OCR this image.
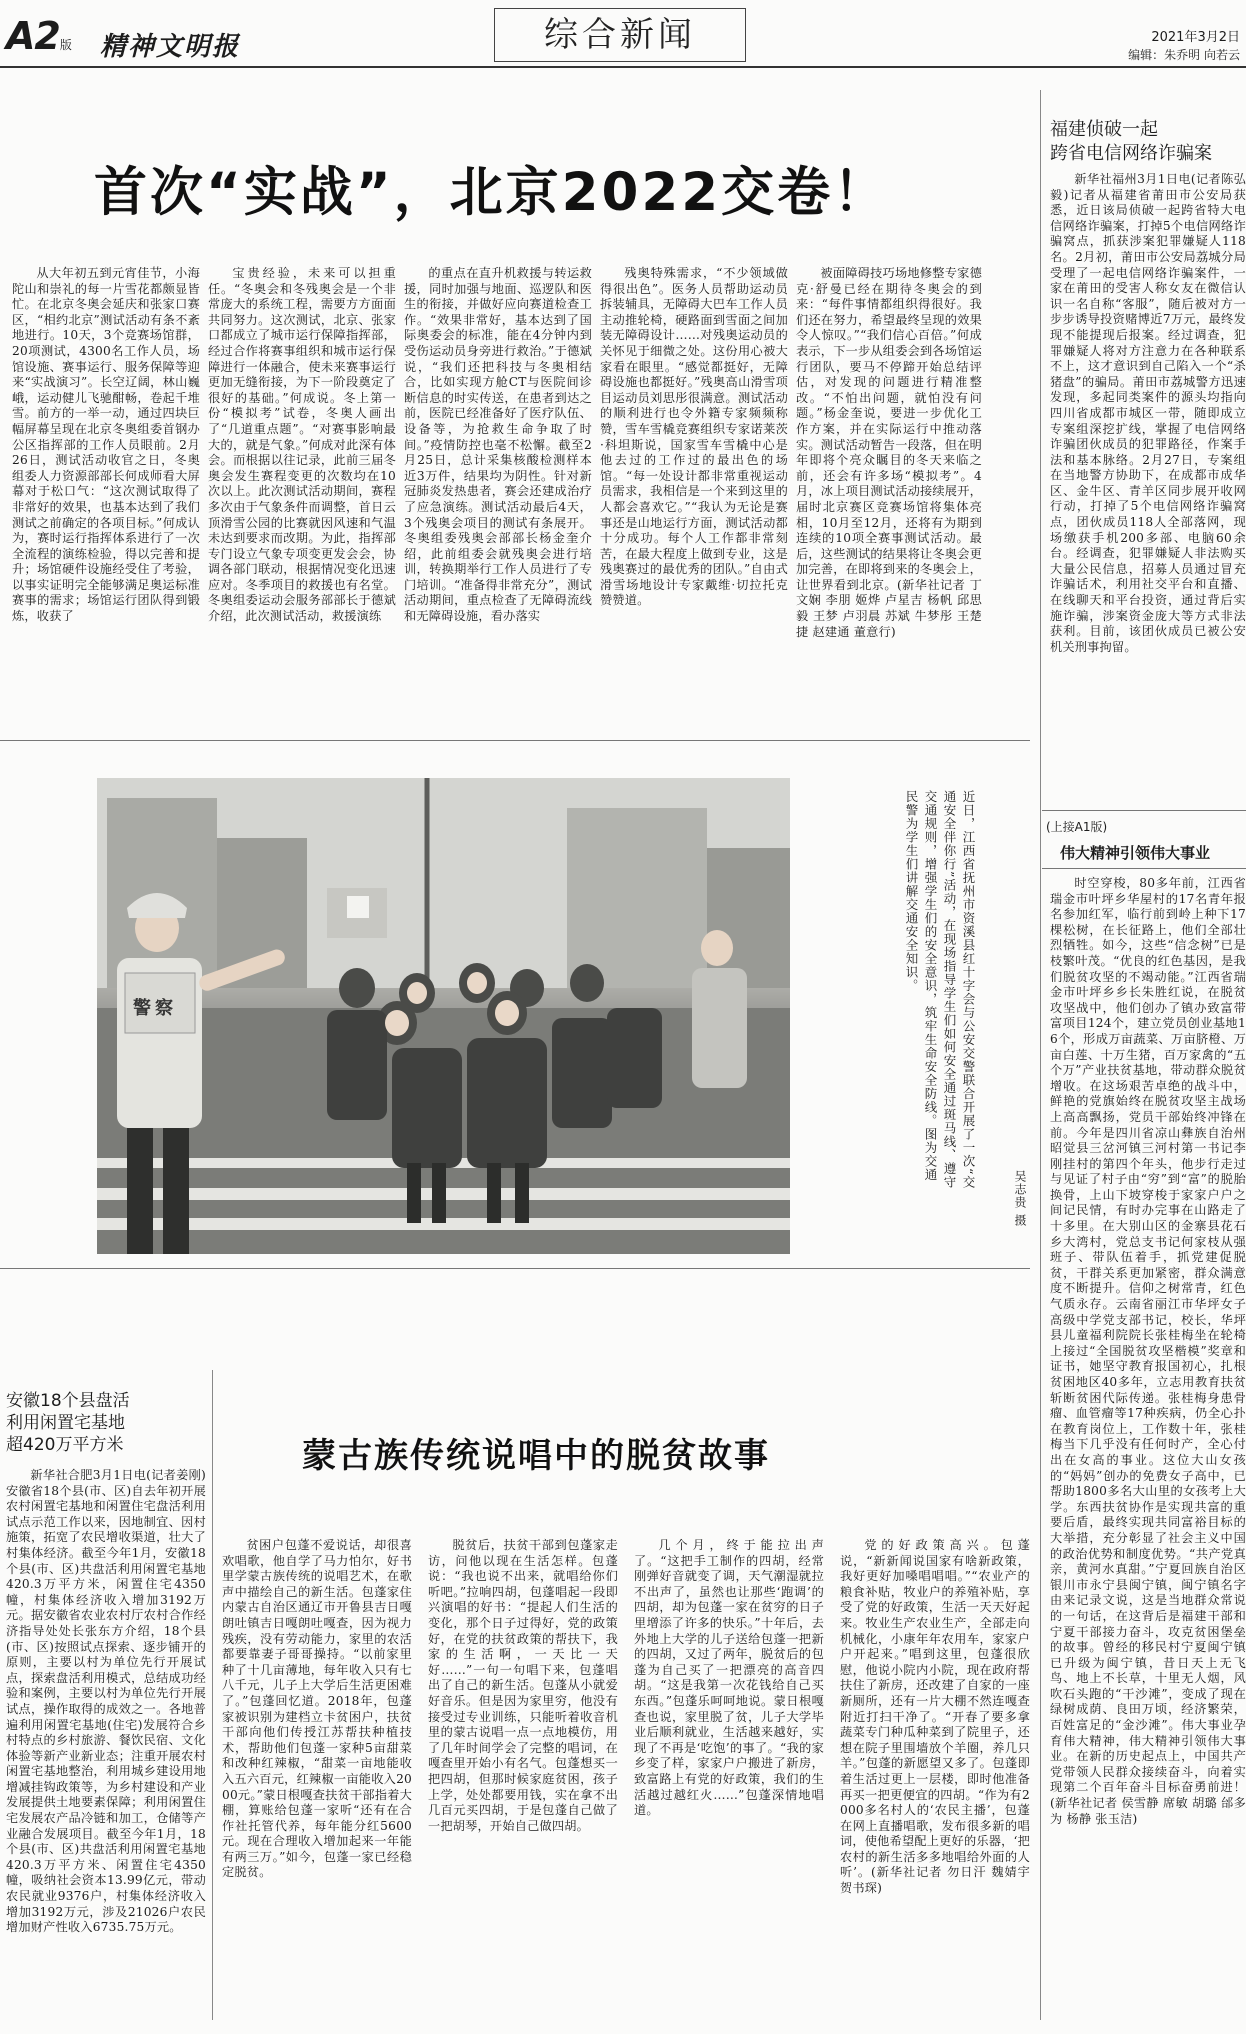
A2版 精神文明报	综合新闻	2021年3月2日
编辑：朱乔明 向若云
首次“实战”，北京2022交卷！
从大年初五到元宵佳节，小海陀山和崇礼的每一片雪花都颇显皆忙。在北京冬奥会延庆和张家口赛区，“相约北京”测试活动有条不紊地进行。10天，3个竞赛场馆群，20项测试，4300名工作人员，场馆设施、赛事运行、服务保障等迎来“实战演习”。长空辽阔，林山巍峨，运动健儿飞驰酣畅，卷起千堆雪。前方的一举一动，通过四块巨幅屏幕呈现在北京冬奥组委首钢办公区指挥部的工作人员眼前。2月26日，测试活动收官之日，冬奥组委人力资源部部长何成师看大屏幕对于松口气：“这次测试取得了非常好的效果，也基本达到了我们测试之前确定的各项目标。”何成认为，赛时运行指挥体系进行了一次全流程的演练检验，得以完善和提升；场馆硬件设施经受住了考验，以事实证明完全能够满足奥运标准赛事的需求；场馆运行团队得到锻炼，收获了
宝贵经验，未来可以担重任。“冬奥会和冬残奥会是一个非常庞大的系统工程，需要方方面面共同努力。这次测试，北京、张家口都成立了城市运行保障指挥部，经过合作将赛事组织和城市运行保障进行一体融合，使未来赛事运行更加无缝衔接，为下一阶段奠定了很好的基础。”何成说。冬上第一份“模拟考”试卷，冬奥人画出了“几道重点题”。“对赛事影响最大的，就是气象。”何成对此深有体会。而根据以往记录，此前三届冬奥会发生赛程变更的次数均在10次以上。此次测试活动期间，赛程多次由于气象条件而调整，首日云顶滑雪公园的比赛就因风速和气温未达到要求而改期。为此，指挥部专门设立气象专项变更发会会，协调各部门联动，根据情况变化迅速应对。冬季项目的救援也有名堂。冬奥组委运动会服务部部长于德斌介绍，此次测试活动，救援演练
的重点在直升机救援与转运救援，同时加强与地面、巡逻队和医生的衔接，并做好应向赛道检查工作。“效果非常好，基本达到了国际奥委会的标准，能在4分钟内到受伤运动员身旁进行救治。”于德斌说，“我们还把科技与冬奥相结合，比如实现方舱CT与医院间诊断信息的时实传送，在患者到达之前，医院已经准备好了医疗队伍、设备等，为抢救生命争取了时间。”疫情防控也毫不松懈。截至2月25日，总计采集核酸检测样本近3万件，结果均为阴性。针对新冠肺炎发热患者，赛会还建成治疗了应急演练。测试活动最后4天，3个残奥会项目的测试有条展开。冬奥组委残奥会部部长杨金奎介绍，此前组委会就残奥会进行培训，转换期举行工作人员进行了专门培训。“准备得非常充分”，测试活动期间，重点检查了无障碍流线和无障碍设施，看办落实
残奥特殊需求，“不少领域做得很出色”。医务人员帮助运动员拆装辅具，无障碍大巴车工作人员主动推轮椅，硬路面到雪面之间加装无障碍设计……对残奥运动员的关怀见于细微之处。这份用心被大家看在眼里。“感觉都挺好，无障碍设施也都挺好。”残奥高山滑雪项目运动员刘思彤很满意。测试活动的顺利进行也令外籍专家频频称赞，雪车雪橇竞赛组织专家诺莱茨·科坦斯说，国家雪车雪橇中心是他去过的工作过的最出色的场馆。“每一处设计都非常重视运动员需求，我相信是一个来到这里的人都会喜欢它。”“我认为无论是赛事还是山地运行方面，测试活动都十分成功。每个人工作都非常刻苦，在最大程度上做到专业，这是残奥赛过的最优秀的团队。”自由式滑雪场地设计专家戴维·切拉托克赞赞道。
被面障碍技巧场地修整专家德克·舒曼已经在期待冬奥会的到来：“每件事情都组织得很好。我们还在努力，希望最终呈现的效果令人惊叹。”“我们信心百倍。”何成表示，下一步从组委会到各场馆运行团队，要马不停蹄开始总结评估，对发现的问题进行精准整改。“不怕出问题，就怕没有问题。”杨金奎说，要进一步优化工作方案，并在实际运行中推动落实。测试活动暂告一段落，但在明年即将个亮众瞩目的冬天来临之前，还会有许多场“模拟考”。4月，冰上项目测试活动接续展开，届时北京赛区竞赛场馆将集体亮相，10月至12月，还将有为期到连续的10项全赛事测试活动。最后，这些测试的结果将让冬奥会更加完善，在即将到来的冬奥会上，让世界看到北京。(新华社记者 丁文娴 李朋 姬烨 卢星吉 杨帆 邱思毅 王梦 卢羽晨 苏斌 牛梦彤 王楚捷 赵建通 董意行)
福建侦破一起
跨省电信网络诈骗案
新华社福州3月1日电(记者陈弘毅)记者从福建省莆田市公安局获悉，近日该局侦破一起跨省特大电信网络诈骗案，打掉5个电信网络诈骗窝点，抓获涉案犯罪嫌疑人118名。2月初，莆田市公安局荔城分局受理了一起电信网络诈骗案件，一家在莆田的受害人称女友在微信认识一名自称“客服”，随后被对方一步步诱导投资赌博近7万元，最终发现不能提现后报案。经过调查，犯罪嫌疑人将对方注意力在各种联系不上，这才意识到自己陷入一个“杀猪盘”的骗局。莆田市荔城警方迅速发现，多起同类案件的源头均指向四川省成都市城区一带，随即成立专案组深挖扩线，掌握了电信网络诈骗团伙成员的犯罪路径，作案手法和基本脉络。2月27日，专案组在当地警方协助下，在成都市成华区、金牛区、青羊区同步展开收网行动，打掉了5个电信网络诈骗窝点，团伙成员118人全部落网，现场缴获手机200多部、电脑60余台。经调查，犯罪嫌疑人非法购买大量公民信息，招募人员通过冒充诈骗话术，利用社交平台和直播、在线聊天和平台投资，通过背后实施诈骗，涉案资金庞大等方式非法获利。目前，该团伙成员已被公安机关刑事拘留。
警察	近日，江西省抚州市资溪县红十字会与公安交警联合开展了一次“交通安全伴你行”活动，在现场指导学生们如何安全通过斑马线、遵守交通规则，增强学生们的安全意识，筑牢生命安全防线。图为交通民警为学生们讲解交通安全知识。
吴志贵 摄
(上接A1版)
伟大精神引领伟大事业
时空穿梭，80多年前，江西省瑞金市叶坪乡华屋村的17名青年报名参加红军，临行前到岭上种下17棵松树，在长征路上，他们全部壮烈牺牲。如今，这些“信念树”已是枝繁叶茂。“优良的红色基因，是我们脱贫攻坚的不竭动能。”江西省瑞金市叶坪乡乡长朱胜红说，在脱贫攻坚战中，他们创办了镇办致富带富项目124个，建立党员创业基地16个，形成万亩蔬菜、万亩脐橙、万亩白莲、十万生猪，百万家禽的“五个万”产业扶贫基地，带动群众脱贫增收。在这场艰苦卓绝的战斗中，鲜艳的党旗始终在脱贫攻坚主战场上高高飘扬，党员干部始终冲锋在前。今年是四川省凉山彝族自治州昭觉县三岔河镇三河村第一书记李刚挂村的第四个年头，他步行走过与见证了村子由“穷”到“富”的脱胎换骨，上山下坡穿梭于家家户户之间记民情，有时办完事在山路走了十多里。在大别山区的金寨县花石乡大湾村，党总支书记何家枝从强班子、带队伍着手，抓党建促脱贫，干群关系更加紧密，群众满意度不断提升。信仰之树常青，红色气质永存。云南省丽江市华坪女子高级中学党支部书记，校长，华坪县儿童福利院院长张桂梅坐在轮椅上接过“全国脱贫攻坚楷模”奖章和证书，她坚守教育报国初心，扎根贫困地区40多年，立志用教育扶贫斩断贫困代际传递。张桂梅身患骨瘤、血管瘤等17种疾病，仍全心扑在教育岗位上，工作数十年，张桂梅当下几乎没有任何时产，全心付出在女高的事业。这位大山女孩的“妈妈”创办的免费女子高中，已帮助1800多名大山里的女孩考上大学。东西扶贫协作是实现共富的重要后盾，最终实现共同富裕目标的大举措，充分彰显了社会主义中国的政治优势和制度优势。“共产党真亲，黄河水真甜。”宁夏回族自治区银川市永宁县闽宁镇，闽宁镇名字由来记录文说，这是当地群众常说的一句话，在这背后是福建干部和宁夏干部接力奋斗，攻克贫困堡垒的故事。曾经的移民村宁夏闽宁镇已升级为闽宁镇，昔日天上无飞鸟、地上不长草，十里无人烟，风吹石头跑的“干沙滩”，变成了现在绿树成荫、良田万顷，经济繁荣，百姓富足的“金沙滩”。伟大事业孕育伟大精神，伟大精神引领伟大事业。在新的历史起点上，中国共产党带领人民群众接续奋斗，向着实现第二个百年奋斗目标奋勇前进！(新华社记者 侯雪静 席敏 胡璐 邰多为 杨静 张玉洁)
安徽18个县盘活
利用闲置宅基地
超420万平方米
新华社合肥3月1日电(记者姜刚)安徽省18个县(市、区)自去年初开展农村闲置宅基地和闲置住宅盘活利用试点示范工作以来，因地制宜、因村施策，拓宽了农民增收渠道，壮大了村集体经济。截至今年1月，安徽18个县(市、区)共盘活利用闲置宅基地420.3万平方米，闲置住宅4350幢，村集体经济收入增加3192万元。据安徽省农业农村厅农村合作经济指导处处长张东方介绍，18个县(市、区)按照试点探索、逐步铺开的原则，主要以村为单位先行开展试点，探索盘活利用模式，总结成功经验和案例，主要以村为单位先行开展试点，操作取得的成效之一。各地普遍利用闲置宅基地(住宅)发展符合乡村特点的乡村旅游、餐饮民宿、文化体验等新产业新业态；注重开展农村闲置宅基地整治，利用城乡建设用地增减挂钩政策等，为乡村建设和产业发展提供土地要素保障；利用闲置住宅发展农产品冷链和加工，仓储等产业融合发展项目。截至今年1月，18个县(市、区)共盘活利用闲置宅基地420.3万平方米、闲置住宅4350幢，吸纳社会资本13.99亿元，带动农民就业9376户，村集体经济收入增加3192万元，涉及21026户农民增加财产性收入6735.75万元。
蒙古族传统说唱中的脱贫故事
贫困户包蓬不爱说话，却很喜欢唱歌，他自学了马力怕尔，好书里学蒙古族传统的说唱艺术，在歌声中描绘自己的新生活。包蓬家住内蒙古自治区通辽市开鲁县吉日嘎朗吐镇吉日嘎朗吐嘎查，因为视力残疾，没有劳动能力，家里的农活都要靠妻子哥哥操持。“以前家里种了十几亩薄地，每年收入只有七八千元，儿子上大学后生活更困难了。”包蓬回忆道。2018年，包蓬家被识别为建档立卡贫困户，扶贫干部向他们传授江苏帮扶种植技术，帮助他们包蓬一家种5亩甜菜和改种红辣椒，“甜菜一亩地能收入五六百元，红辣椒一亩能收入2000元。”蒙日根嘎查扶贫干部指着大棚，算账给包蓬一家听“还有在合作社托管代养，每年能分红5600元。现在合理收入增加起来一年能有两三万。”如今，包蓬一家已经稳定脱贫。
脱贫后，扶贫干部到包蓬家走访，问他以现在生活怎样。包蓬说：“我也说不出来，就唱给你们听吧。”拉响四胡，包蓬唱起一段即兴演唱的好书：“提起人们生活的变化，那个日子过得好，党的政策好，在党的扶贫政策的帮扶下，我家的生活啊，一天比一天好……”一句一句唱下来，包蓬唱出了自己的新生活。包蓬从小就爱好音乐。但是因为家里穷，他没有接受过专业训练，只能听着收音机里的蒙古说唱一点一点地模仿，用了几年时间学会了完整的唱词，在嘎查里开始小有名气。包蓬想买一把四胡，但那时候家庭贫困，孩子上学，处处都要用钱，实在拿不出几百元买四胡，于是包蓬自己做了一把胡琴，开始自己做四胡。
几个月，终于能拉出声了。“这把手工制作的四胡，经常刚弹好音就变了调，天气潮湿就拉不出声了，虽然也让那些‘跑调’的四胡，却为包蓬一家在贫穷的日子里增添了许多的快乐。”十年后，去外地上大学的儿子送给包蓬一把新的四胡，又过了两年，脱贫后的包蓬为自己买了一把漂亮的高音四胡。“这是我第一次花钱给自己买东西。”包蓬乐呵呵地说。蒙日根嘎查也说，家里脱了贫，儿子大学毕业后顺利就业，生活越来越好，实现了不再是‘吃饱’的事了。“我的家乡变了样，家家户户搬进了新房，致富路上有党的好政策，我们的生活越过越红火……”包蓬深情地唱道。
党的好政策高兴。包蓬说，“新新闻说国家有啥新政策，我好更好加嗓唱唱唱。”“农业产的粮食补贴，牧业户的养殖补贴，享受了党的好政策，生活一天天好起来。牧业生产农业生产，全部走向机械化，小康年年农用车，家家户户开起来。”唱到这里，包蓬很欣慰，他说小院内小院，现在政府帮扶住了新房，还改建了自家的一座新厕所，还有一片大棚不然连嘎查附近打扫干净了。“开春了要多拿蔬菜专门种瓜种菜到了院里子，还想在院子里围墙放个羊圈，养几只羊。”包蓬的新愿望又多了。包蓬即着生活过更上一层楼，即时他准备再买一把更便宜的四胡。“作为有2000多名村人的‘农民主播’，包蓬在网上直播唱歌，发布很多新的唱词，使他希望配上更好的乐器，‘把农村的新生活多多地唱给外面的人听’。(新华社记者 勿日汗 魏婧宇 贺书琛)
